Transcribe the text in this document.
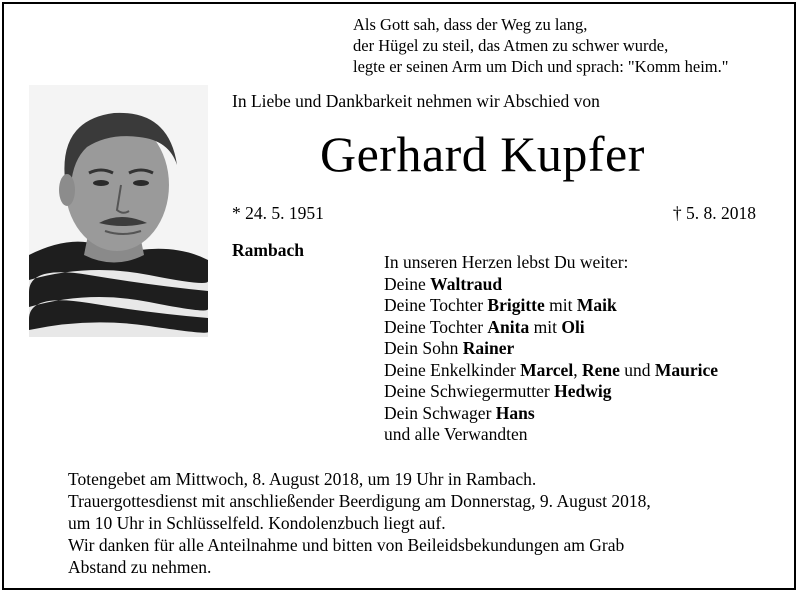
Als Gott sah, dass der Weg zu lang,
der Hügel zu steil, das Atmen zu schwer wurde,
legte er seinen Arm um Dich und sprach: "Komm heim."
In Liebe und Dankbarkeit nehmen wir Abschied von
Gerhard Kupfer
* 24. 5. 1951	† 5. 8. 2018
Rambach
In unseren Herzen lebst Du weiter:
Deine Waltraud
Deine Tochter Brigitte mit Maik
Deine Tochter Anita mit Oli
Dein Sohn Rainer
Deine Enkelkinder Marcel, Rene und Maurice
Deine Schwiegermutter Hedwig
Dein Schwager Hans
und alle Verwandten
Totengebet am Mittwoch, 8. August 2018, um 19 Uhr in Rambach.
Trauergottesdienst mit anschließender Beerdigung am Donnerstag, 9. August 2018,
um 10 Uhr in Schlüsselfeld. Kondolenzbuch liegt auf.
Wir danken für alle Anteilnahme und bitten von Beileidsbekundungen am Grab
Abstand zu nehmen.
